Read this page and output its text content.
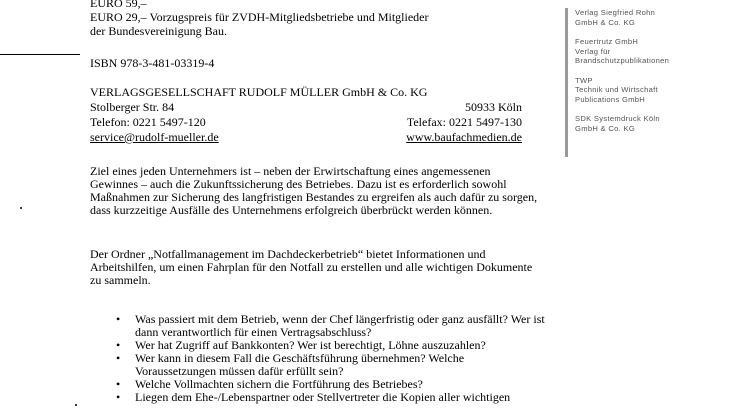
EURO 59,–
EURO 29,– Vorzugspreis für ZVDH-Mitgliedsbetriebe und Mitglieder
der Bundesvereinigung Bau.
ISBN 978-3-481-03319-4
VERLAGSGESELLSCHAFT RUDOLF MÜLLER GmbH & Co. KG
Stolberger Str. 84	50933 Köln
Telefon: 0221 5497-120	Telefax: 0221 5497-130
service@rudolf-mueller.de	www.baufachmedien.de
Ziel eines jeden Unternehmers ist – neben der Erwirtschaftung eines angemessenen Gewinnes – auch die Zukunftssicherung des Betriebes. Dazu ist es erforderlich sowohl Maßnahmen zur Sicherung des langfristigen Bestandes zu ergreifen als auch dafür zu sorgen, dass kurzzeitige Ausfälle des Unternehmens erfolgreich überbrückt werden können.
Der Ordner „Notfallmanagement im Dachdeckerbetrieb“ bietet Informationen und Arbeitshilfen, um einen Fahrplan für den Notfall zu erstellen und alle wichtigen Dokumente zu sammeln.
• Was passiert mit dem Betrieb, wenn der Chef längerfristig oder ganz ausfällt? Wer ist dann verantwortlich für einen Vertragsabschluss?
• Wer hat Zugriff auf Bankkonten? Wer ist berechtigt, Löhne auszuzahlen?
• Wer kann in diesem Fall die Geschäftsführung übernehmen? Welche Voraussetzungen müssen dafür erfüllt sein?
• Welche Vollmachten sichern die Fortführung des Betriebes?
• Liegen dem Ehe-/Lebenspartner oder Stellvertreter die Kopien aller wichtigen
Verlag Siegfried Rohn
GmbH & Co. KG
Feuertrutz GmbH
Verlag für
Brandschutzpublikationen
TWP
Technik und Wirtschaft
Publications GmbH
SDK Systemdruck Köln
GmbH & Co. KG
